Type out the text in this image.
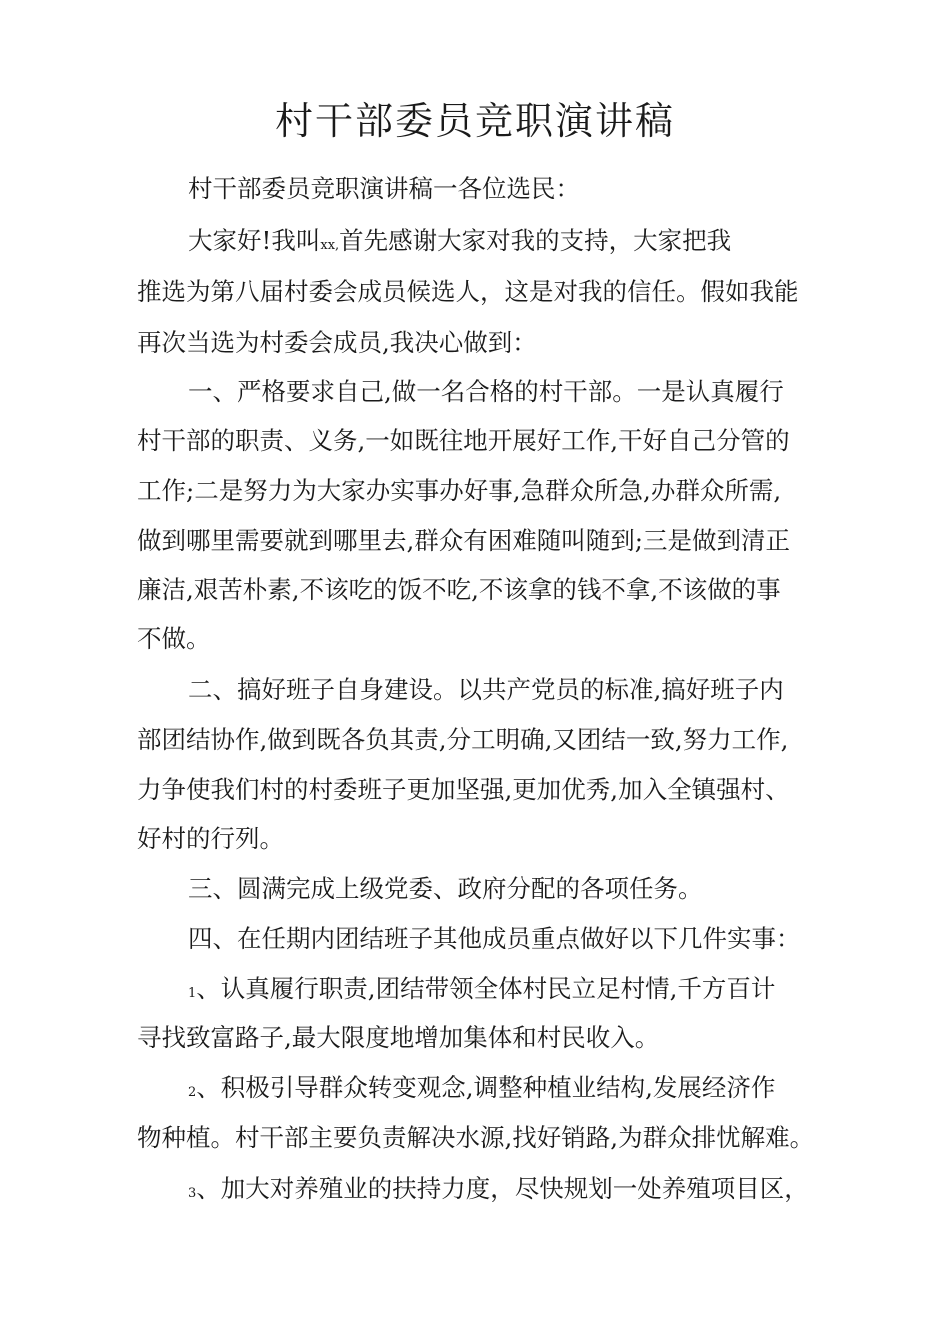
村干部委员竞职演讲稿

村干部委员竞职演讲稿一各位选民：

大家好!我叫xx,首先感谢大家对我的支持，大家把我

推选为第八届村委会成员候选人，这是对我的信任。假如我能

再次当选为村委会成员,我决心做到：

一、严格要求自己,做一名合格的村干部。一是认真履行

村干部的职责、义务,一如既往地开展好工作,干好自己分管的

工作;二是努力为大家办实事办好事,急群众所急,办群众所需,

做到哪里需要就到哪里去,群众有困难随叫随到;三是做到清正

廉洁,艰苦朴素,不该吃的饭不吃,不该拿的钱不拿,不该做的事

不做。

二、搞好班子自身建设。以共产党员的标准,搞好班子内

部团结协作,做到既各负其责,分工明确,又团结一致,努力工作,

力争使我们村的村委班子更加坚强,更加优秀,加入全镇强村、

好村的行列。

三、圆满完成上级党委、政府分配的各项任务。

四、在任期内团结班子其他成员重点做好以下几件实事：

1、认真履行职责,团结带领全体村民立足村情,千方百计

寻找致富路子,最大限度地增加集体和村民收入。

2、积极引导群众转变观念,调整种植业结构,发展经济作

物种植。村干部主要负责解决水源,找好销路,为群众排忧解难。

3、加大对养殖业的扶持力度，尽快规划一处养殖项目区，
